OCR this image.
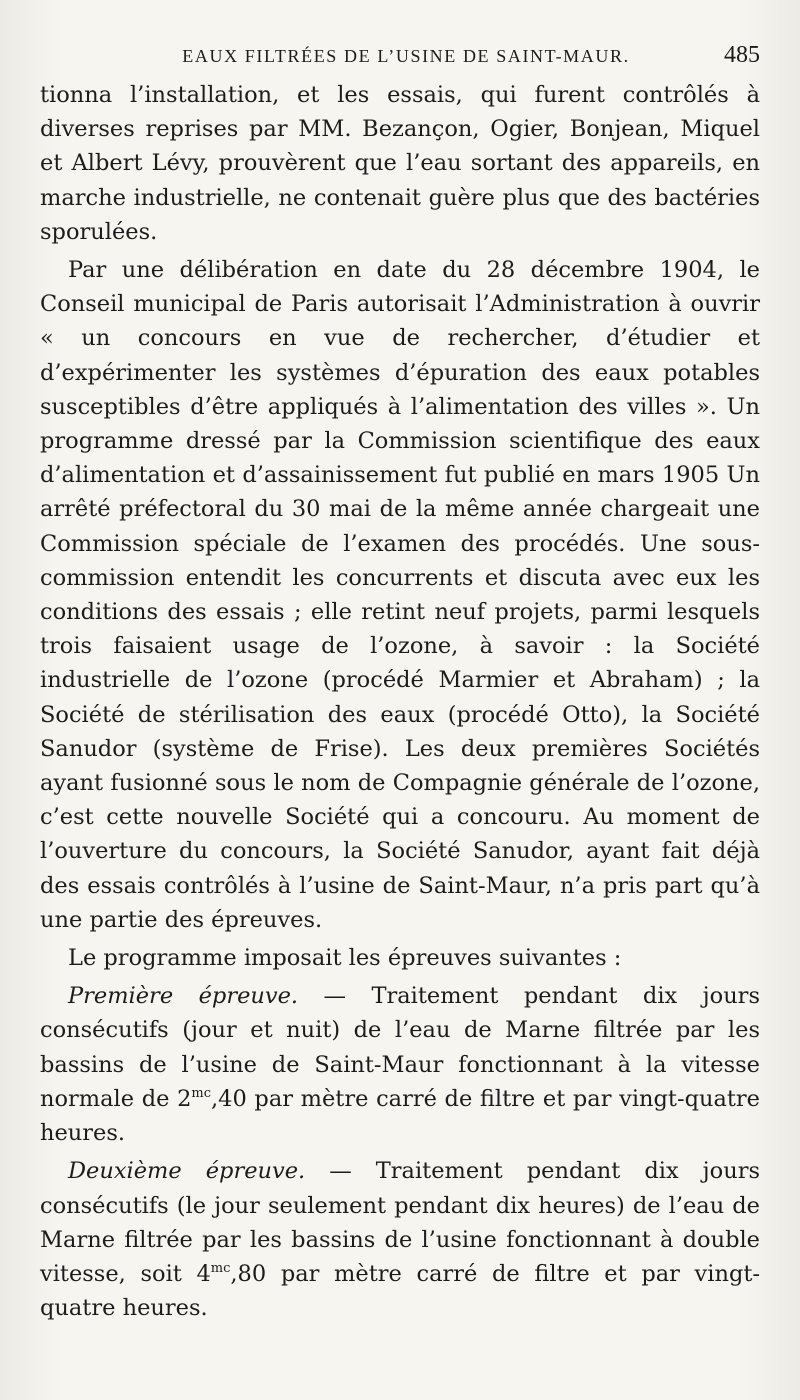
EAUX FILTRÉES DE L’USINE DE SAINT-MAUR.	485

tionna l’installation, et les essais, qui furent contrôlés à diverses reprises par MM. Bezançon, Ogier, Bonjean, Miquel et Albert Lévy, prouvèrent que l’eau sortant des appareils, en marche industrielle, ne contenait guère plus que des bactéries sporulées.

Par une délibération en date du 28 décembre 1904, le Conseil municipal de Paris autorisait l’Administration à ouvrir « un concours en vue de rechercher, d’étudier et d’expérimenter les systèmes d’épuration des eaux potables susceptibles d’être appliqués à l’alimentation des villes ». Un programme dressé par la Commission scientifique des eaux d’alimentation et d’assainissement fut publié en mars 1905 Un arrêté préfectoral du 30 mai de la même année chargeait une Commission spéciale de l’examen des procédés. Une sous-commission entendit les concurrents et discuta avec eux les conditions des essais ; elle retint neuf projets, parmi lesquels trois faisaient usage de l’ozone, à savoir : la Société industrielle de l’ozone (procédé Marmier et Abraham) ; la Société de stérilisation des eaux (procédé Otto), la Société Sanudor (système de Frise). Les deux premières Sociétés ayant fusionné sous le nom de Compagnie générale de l’ozone, c’est cette nouvelle Société qui a concouru. Au moment de l’ouverture du concours, la Société Sanudor, ayant fait déjà des essais contrôlés à l’usine de Saint-Maur, n’a pris part qu’à une partie des épreuves.

Le programme imposait les épreuves suivantes :

Première épreuve. — Traitement pendant dix jours consécutifs (jour et nuit) de l’eau de Marne filtrée par les bassins de l’usine de Saint-Maur fonctionnant à la vitesse normale de $2^{mc},40$ par mètre carré de filtre et par vingt-quatre heures.

Deuxième épreuve. — Traitement pendant dix jours consécutifs (le jour seulement pendant dix heures) de l’eau de Marne filtrée par les bassins de l’usine fonctionnant à double vitesse, soit $4^{mc},80$ par mètre carré de filtre et par vingt-quatre heures.
